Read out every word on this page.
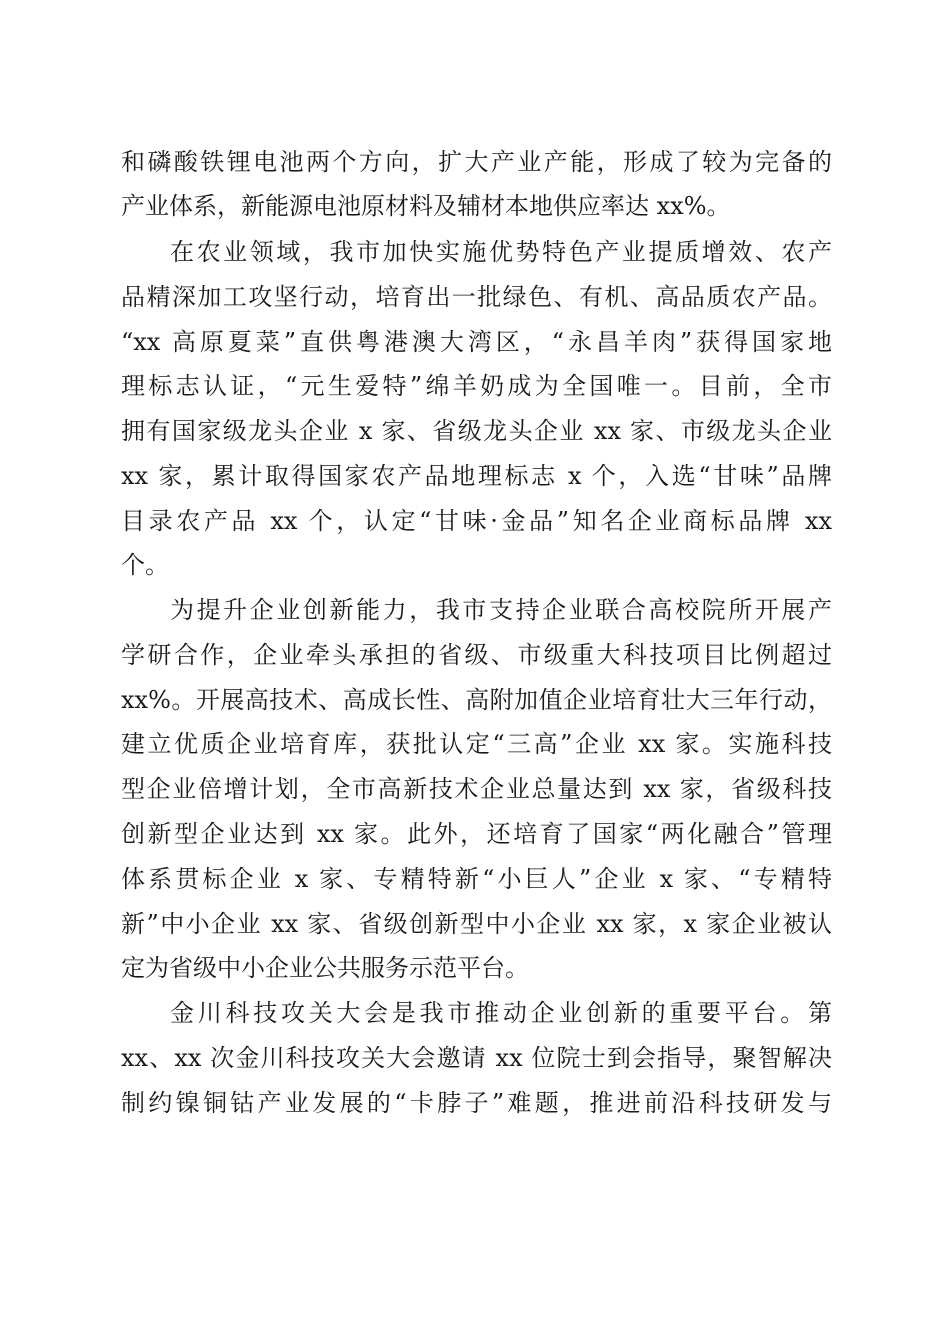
和磷酸铁锂电池两个方向，扩大产业产能，形成了较为完备的

产业体系，新能源电池原材料及辅材本地供应率达 xx%。

在农业领域，我市加快实施优势特色产业提质增效、农产

品精深加工攻坚行动，培育出一批绿色、有机、高品质农产品。

“xx 高原夏菜”直供粤港澳大湾区，“永昌羊肉”获得国家地

理标志认证，“元生爱特”绵羊奶成为全国唯一。目前，全市

拥有国家级龙头企业 x 家、省级龙头企业 xx 家、市级龙头企业

xx 家，累计取得国家农产品地理标志 x 个，入选“甘味”品牌

目录农产品 xx 个，认定“甘味·金品”知名企业商标品牌 xx

个。

为提升企业创新能力，我市支持企业联合高校院所开展产

学研合作，企业牵头承担的省级、市级重大科技项目比例超过

xx%。开展高技术、高成长性、高附加值企业培育壮大三年行动，

建立优质企业培育库，获批认定“三高”企业 xx 家。实施科技

型企业倍增计划，全市高新技术企业总量达到 xx 家，省级科技

创新型企业达到 xx 家。此外，还培育了国家“两化融合”管理

体系贯标企业 x 家、专精特新“小巨人”企业 x 家、“专精特

新”中小企业 xx 家、省级创新型中小企业 xx 家，x 家企业被认

定为省级中小企业公共服务示范平台。

金川科技攻关大会是我市推动企业创新的重要平台。第

xx、xx 次金川科技攻关大会邀请 xx 位院士到会指导，聚智解决

制约镍铜钴产业发展的“卡脖子”难题，推进前沿科技研发与
